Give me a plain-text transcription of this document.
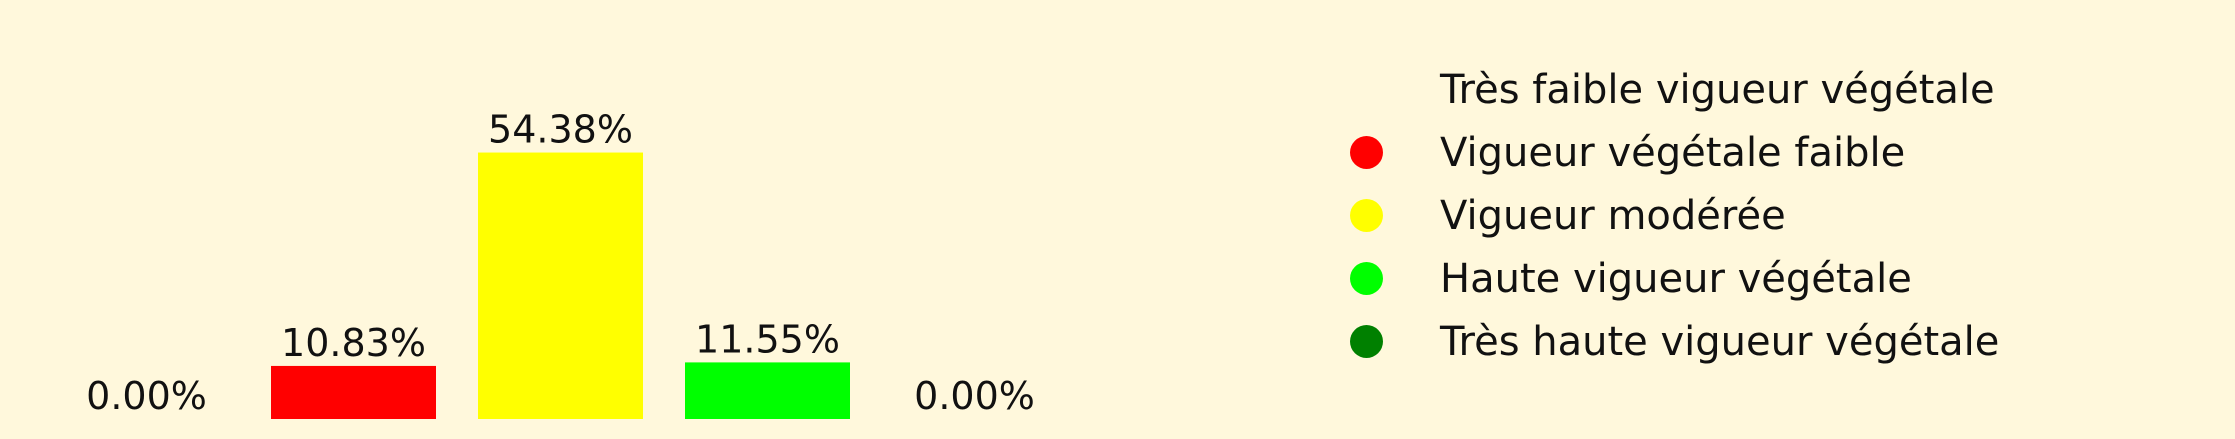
0.00%
10.83%
54.38%
11.55%
0.00%
Très faible vigueur végétale
Vigueur végétale faible
Vigueur modérée
Haute vigueur végétale
Très haute vigueur végétale
